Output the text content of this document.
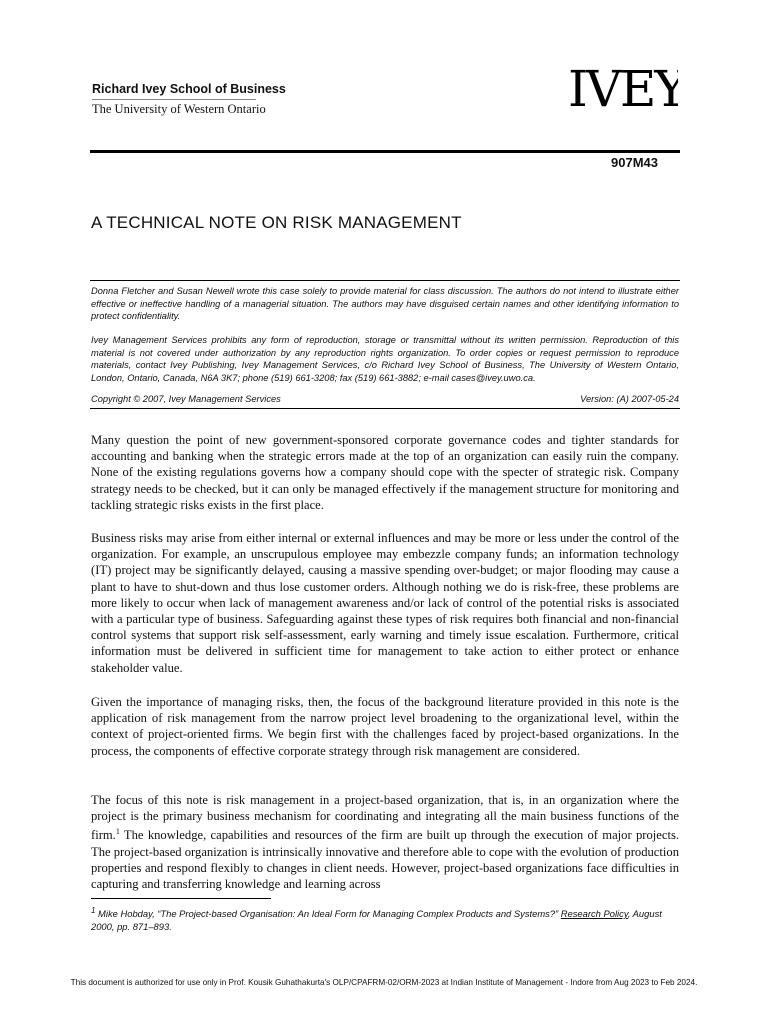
Richard Ivey School of Business
The University of Western Ontario	IVEY
907M43
A TECHNICAL NOTE ON RISK MANAGEMENT
Donna Fletcher and Susan Newell wrote this case solely to provide material for class discussion. The authors do not intend to illustrate either effective or ineffective handling of a managerial situation. The authors may have disguised certain names and other identifying information to protect confidentiality.
Ivey Management Services prohibits any form of reproduction, storage or transmittal without its written permission. Reproduction of this material is not covered under authorization by any reproduction rights organization. To order copies or request permission to reproduce materials, contact Ivey Publishing, Ivey Management Services, c/o Richard Ivey School of Business, The University of Western Ontario, London, Ontario, Canada, N6A 3K7; phone (519) 661-3208; fax (519) 661-3882; e-mail cases@ivey.uwo.ca.
Copyright © 2007, Ivey Management Services	Version: (A) 2007-05-24
Many question the point of new government-sponsored corporate governance codes and tighter standards for accounting and banking when the strategic errors made at the top of an organization can easily ruin the company. None of the existing regulations governs how a company should cope with the specter of strategic risk. Company strategy needs to be checked, but it can only be managed effectively if the management structure for monitoring and tackling strategic risks exists in the first place.
Business risks may arise from either internal or external influences and may be more or less under the control of the organization. For example, an unscrupulous employee may embezzle company funds; an information technology (IT) project may be significantly delayed, causing a massive spending over-budget; or major flooding may cause a plant to have to shut-down and thus lose customer orders. Although nothing we do is risk-free, these problems are more likely to occur when lack of management awareness and/or lack of control of the potential risks is associated with a particular type of business. Safeguarding against these types of risk requires both financial and non-financial control systems that support risk self-assessment, early warning and timely issue escalation. Furthermore, critical information must be delivered in sufficient time for management to take action to either protect or enhance stakeholder value.
Given the importance of managing risks, then, the focus of the background literature provided in this note is the application of risk management from the narrow project level broadening to the organizational level, within the context of project-oriented firms. We begin first with the challenges faced by project-based organizations. In the process, the components of effective corporate strategy through risk management are considered.
The focus of this note is risk management in a project-based organization, that is, in an organization where the project is the primary business mechanism for coordinating and integrating all the main business functions of the firm.$^1$ The knowledge, capabilities and resources of the firm are built up through the execution of major projects. The project-based organization is intrinsically innovative and therefore able to cope with the evolution of production properties and respond flexibly to changes in client needs. However, project-based organizations face difficulties in capturing and transferring knowledge and learning across
$^1$ Mike Hobday, “The Project-based Organisation: An Ideal Form for Managing Complex Products and Systems?” Research Policy, August 2000, pp. 871–893.
This document is authorized for use only in Prof. Kousik Guhathakurta's OLP/CPAFRM-02/ORM-2023 at Indian Institute of Management - Indore from Aug 2023 to Feb 2024.
